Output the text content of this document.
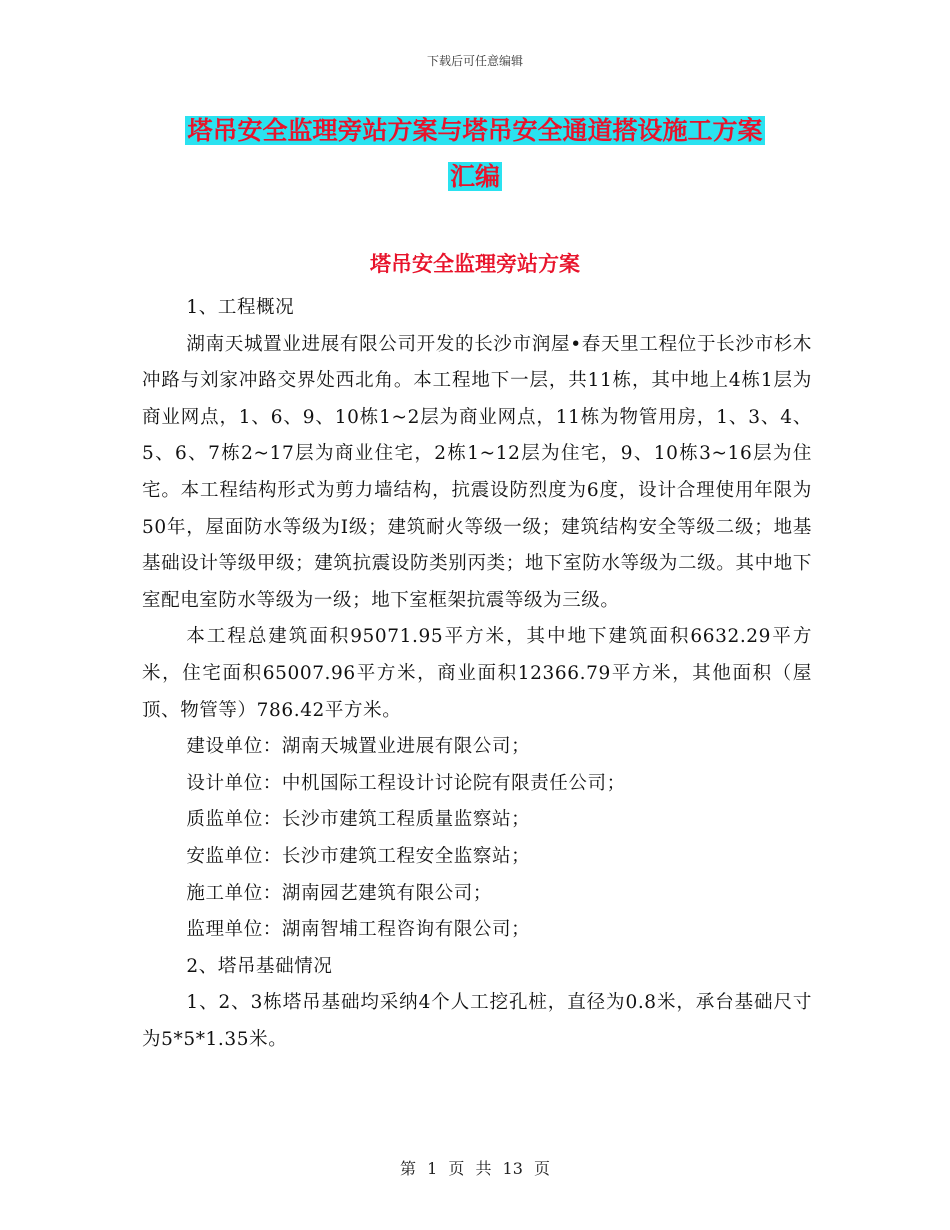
下载后可任意编辑
塔吊安全监理旁站方案与塔吊安全通道搭设施工方案
汇编
塔吊安全监理旁站方案

1、工程概况

湖南天城置业进展有限公司开发的长沙市润屋•春天里工程位于长沙市杉木冲路与刘家冲路交界处西北角。本工程地下一层，共11栋，其中地上4栋1层为商业网点，1、6、9、10栋1~2层为商业网点，11栋为物管用房，1、3、4、5、6、7栋2~17层为商业住宅，2栋1~12层为住宅，9、10栋3~16层为住宅。本工程结构形式为剪力墙结构，抗震设防烈度为6度，设计合理使用年限为50年，屋面防水等级为Ⅰ级；建筑耐火等级一级；建筑结构安全等级二级；地基基础设计等级甲级；建筑抗震设防类别丙类；地下室防水等级为二级。其中地下室配电室防水等级为一级；地下室框架抗震等级为三级。

本工程总建筑面积95071.95平方米，其中地下建筑面积6632.29平方米，住宅面积65007.96平方米，商业面积12366.79平方米，其他面积（屋顶、物管等）786.42平方米。

建设单位：湖南天城置业进展有限公司；

设计单位：中机国际工程设计讨论院有限责任公司；

质监单位：长沙市建筑工程质量监察站；

安监单位：长沙市建筑工程安全监察站；

施工单位：湖南园艺建筑有限公司；

监理单位：湖南智埔工程咨询有限公司；

2、塔吊基础情况

1、2、3栋塔吊基础均采纳4个人工挖孔桩，直径为0.8米，承台基础尺寸为5*5*1.35米。

第 1 页 共 13 页
